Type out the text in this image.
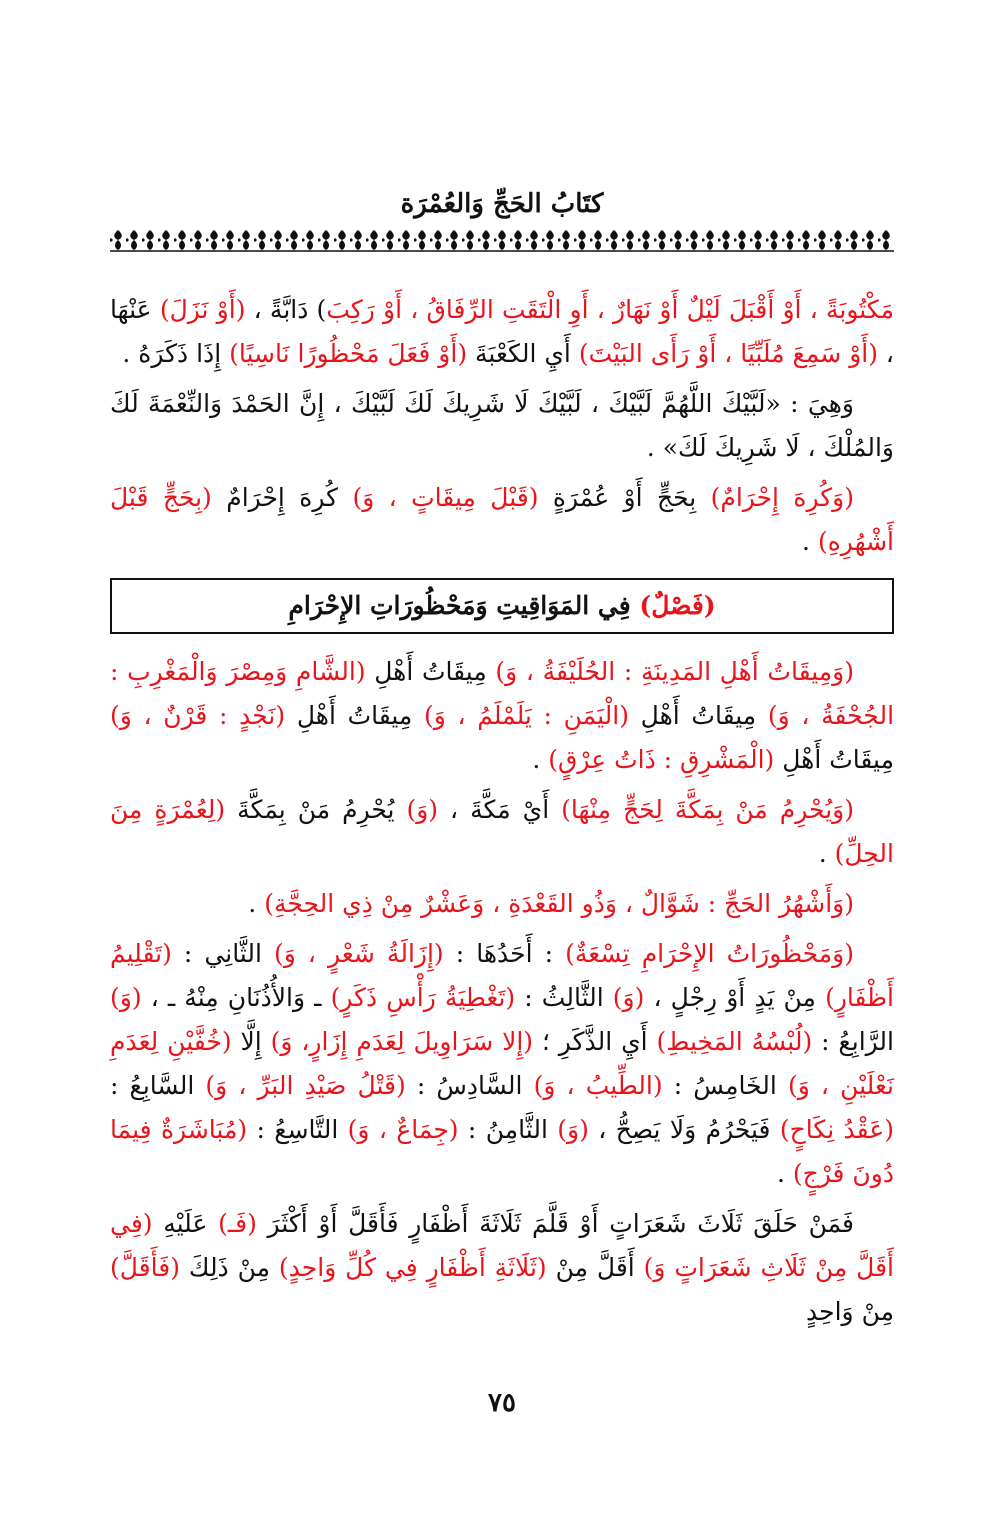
كتَابُ الحَجِّ وَالعُمْرَة

مَكْتُوبَةً ، أَوْ أَقْبَلَ لَيْلٌ أَوْ نَهَارٌ ، أَوِ الْتَقَتِ الرِّفَاقُ ، أَوْ رَكِبَ) دَابَّةً ، (أَوْ نَزَلَ) عَنْهَا ، (أَوْ سَمِعَ مُلَبِّيًا ، أَوْ رَأَى البَيْتَ) أَيِ الكَعْبَةَ (أَوْ فَعَلَ مَحْظُورًا نَاسِيًا) إِذَا ذَكَرَهُ .

وَهِيَ : «لَبَّيْكَ اللَّهُمَّ لَبَّيْكَ ، لَبَّيْكَ لَا شَرِيكَ لَكَ لَبَّيْكَ ، إِنَّ الحَمْدَ وَالنِّعْمَةَ لَكَ وَالمُلْكَ ، لَا شَرِيكَ لَكَ» .

(وَكُرِهَ إِحْرَامٌ) بِحَجٍّ أَوْ عُمْرَةٍ (قَبْلَ مِيقَاتٍ ، وَ) كُرِهَ إِحْرَامٌ (بِحَجٍّ قَبْلَ أَشْهُرِهِ) .

(فَصْلٌ) فِي المَوَاقِيتِ وَمَحْظُورَاتِ الإِحْرَامِ

(وَمِيقَاتُ أَهْلِ المَدِينَةِ : الحُلَيْفَةُ ، وَ) مِيقَاتُ أَهْلِ (الشَّامِ وَمِصْرَ وَالْمَغْرِبِ : الجُحْفَةُ ، وَ) مِيقَاتُ أَهْلِ (الْيَمَنِ : يَلَمْلَمُ ، وَ) مِيقَاتُ أَهْلِ (نَجْدٍ : قَرْنٌ ، وَ) مِيقَاتُ أَهْلِ (الْمَشْرِقِ : ذَاتُ عِرْقٍ) .

(وَيُحْرِمُ مَنْ بِمَكَّةَ لِحَجٍّ مِنْهَا) أَيْ مَكَّةَ ، (وَ) يُحْرِمُ مَنْ بِمَكَّةَ (لِعُمْرَةٍ مِنَ الحِلِّ) .

(وَأَشْهُرُ الحَجِّ : شَوَّالٌ ، وَذُو القَعْدَةِ ، وَعَشْرٌ مِنْ ذِي الحِجَّةِ) .

(وَمَحْظُورَاتُ الإِحْرَامِ تِسْعَةٌ) : أَحَدُهَا : (إِزَالَةُ شَعْرٍ ، وَ) الثَّانِي : (تَقْلِيمُ أَظْفَارٍ) مِنْ يَدٍ أَوْ رِجْلٍ ، (وَ) الثَّالِثُ : (تَغْطِيَةُ رَأْسِ ذَكَرٍ) ـ وَالأُذُنَانِ مِنْهُ ـ ، (وَ) الرَّابِعُ : (لُبْسُهُ المَخِيطِ) أَيِ الذَّكَرِ ؛ (إِلا سَرَاوِيلَ لِعَدَمِ إِزَارٍ، وَ) إِلَّا (خُفَّيْنِ لِعَدَمِ نَعْلَيْنِ ، وَ) الخَامِسُ : (الطِّيبُ ، وَ) السَّادِسُ : (قَتْلُ صَيْدِ البَرِّ ، وَ) السَّابِعُ : (عَقْدُ نِكَاحٍ) فَيَحْرُمُ وَلَا يَصِحُّ ، (وَ) الثَّامِنُ : (جِمَاعٌ ، وَ) التَّاسِعُ : (مُبَاشَرَةٌ فِيمَا دُونَ فَرْجٍ) .

فَمَنْ حَلَقَ ثَلَاثَ شَعَرَاتٍ أَوْ قَلَّمَ ثَلَاثَةَ أَظْفَارٍ فَأَقَلَّ أَوْ أَكْثَرَ (فَـ) عَلَيْهِ (فِي أَقَلَّ مِنْ ثَلَاثِ شَعَرَاتٍ وَ) أَقَلَّ مِنْ (ثَلَاثَةِ أَظْفَارٍ فِي كُلِّ وَاحِدٍ) مِنْ ذَلِكَ (فَأَقَلَّ) مِنْ وَاحِدٍ

٧٥
